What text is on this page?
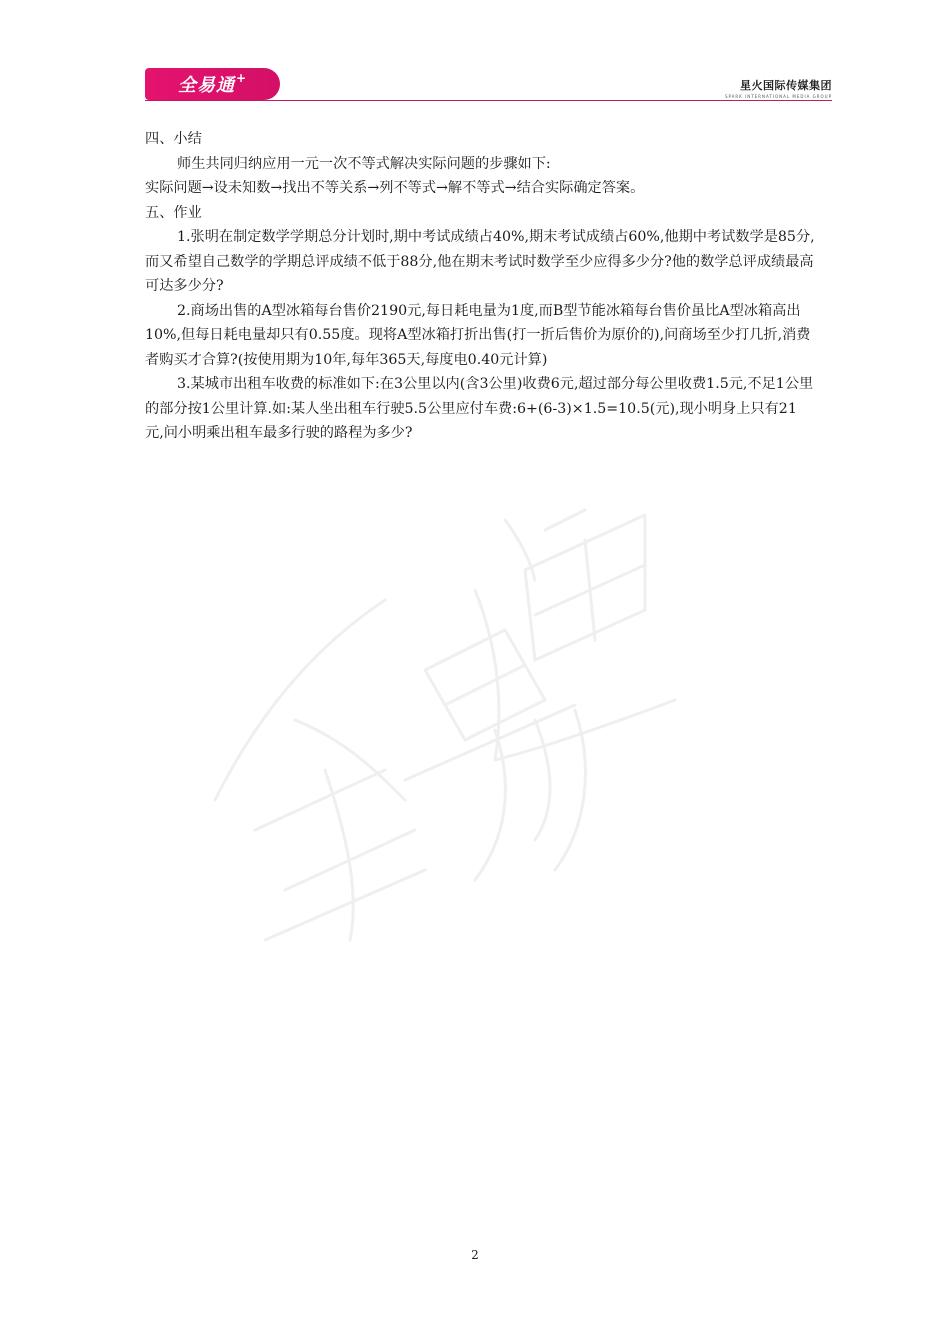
全易通 +
星火国际传媒集团
SPARK INTERNATIONAL MEDIA GROUP

四、小结

师生共同归纳应用一元一次不等式解决实际问题的步骤如下:

实际问题→设未知数→找出不等关系→列不等式→解不等式→结合实际确定答案。

五、作业

1.张明在制定数学学期总分计划时,期中考试成绩占40%,期末考试成绩占60%,他期中考试数学是85分,而又希望自己数学的学期总评成绩不低于88分,他在期末考试时数学至少应得多少分?他的数学总评成绩最高可达多少分?

2.商场出售的A型冰箱每台售价2190元,每日耗电量为1度,而B型节能冰箱每台售价虽比A型冰箱高出10%,但每日耗电量却只有0.55度。现将A型冰箱打折出售(打一折后售价为原价的),问商场至少打几折,消费者购买才合算?(按使用期为10年,每年365天,每度电0.40元计算)

3.某城市出租车收费的标准如下:在3公里以内(含3公里)收费6元,超过部分每公里收费1.5元,不足1公里的部分按1公里计算.如:某人坐出租车行驶5.5公里应付车费:6+(6-3)×1.5=10.5(元),现小明身上只有21元,问小明乘出租车最多行驶的路程为多少?

2
